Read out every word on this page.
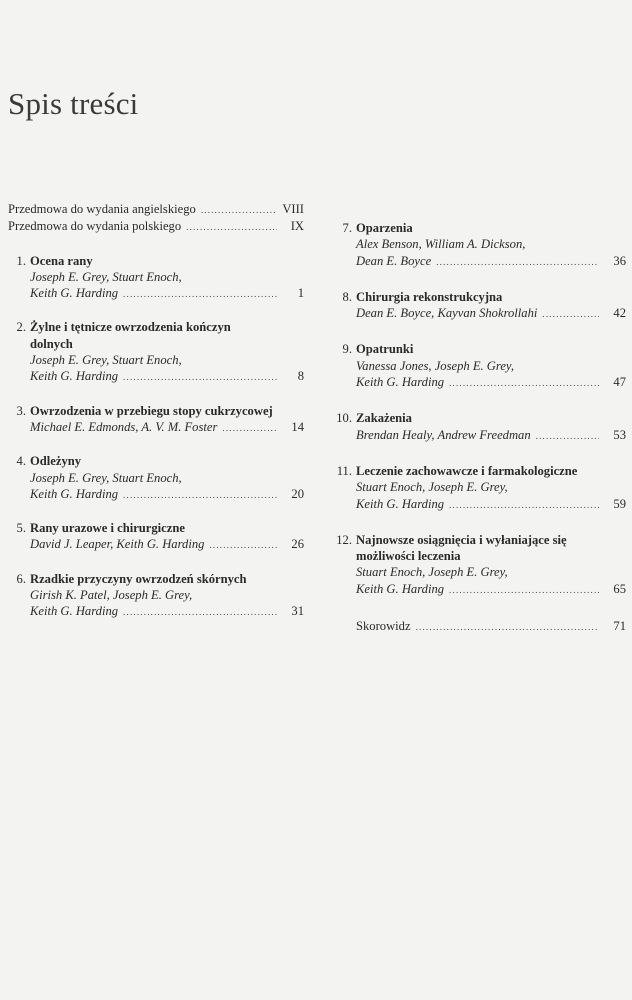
Spis treści
Przedmowa do wydania angielskiego .....	VIII
Przedmowa do wydania polskiego .....	IX
1. Ocena rany
Joseph E. Grey, Stuart Enoch,
Keith G. Harding .....	1
2. Żylne i tętnicze owrzodzenia kończyn
dolnych
Joseph E. Grey, Stuart Enoch,
Keith G. Harding .....	8
3. Owrzodzenia w przebiegu stopy cukrzycowej
Michael E. Edmonds, A. V. M. Foster .....	14
4. Odleżyny
Joseph E. Grey, Stuart Enoch,
Keith G. Harding .....	20
5. Rany urazowe i chirurgiczne
David J. Leaper, Keith G. Harding .....	26
6. Rzadkie przyczyny owrzodzeń skórnych
Girish K. Patel, Joseph E. Grey,
Keith G. Harding .....	31
7. Oparzenia
Alex Benson, William A. Dickson,
Dean E. Boyce .....	36
8. Chirurgia rekonstrukcyjna
Dean E. Boyce, Kayvan Shokrollahi .....	42
9. Opatrunki
Vanessa Jones, Joseph E. Grey,
Keith G. Harding .....	47
10. Zakażenia
Brendan Healy, Andrew Freedman .....	53
11. Leczenie zachowawcze i farmakologiczne
Stuart Enoch, Joseph E. Grey,
Keith G. Harding .....	59
12. Najnowsze osiągnięcia i wyłaniające się
możliwości leczenia
Stuart Enoch, Joseph E. Grey,
Keith G. Harding .....	65
Skorowidz .....	71
